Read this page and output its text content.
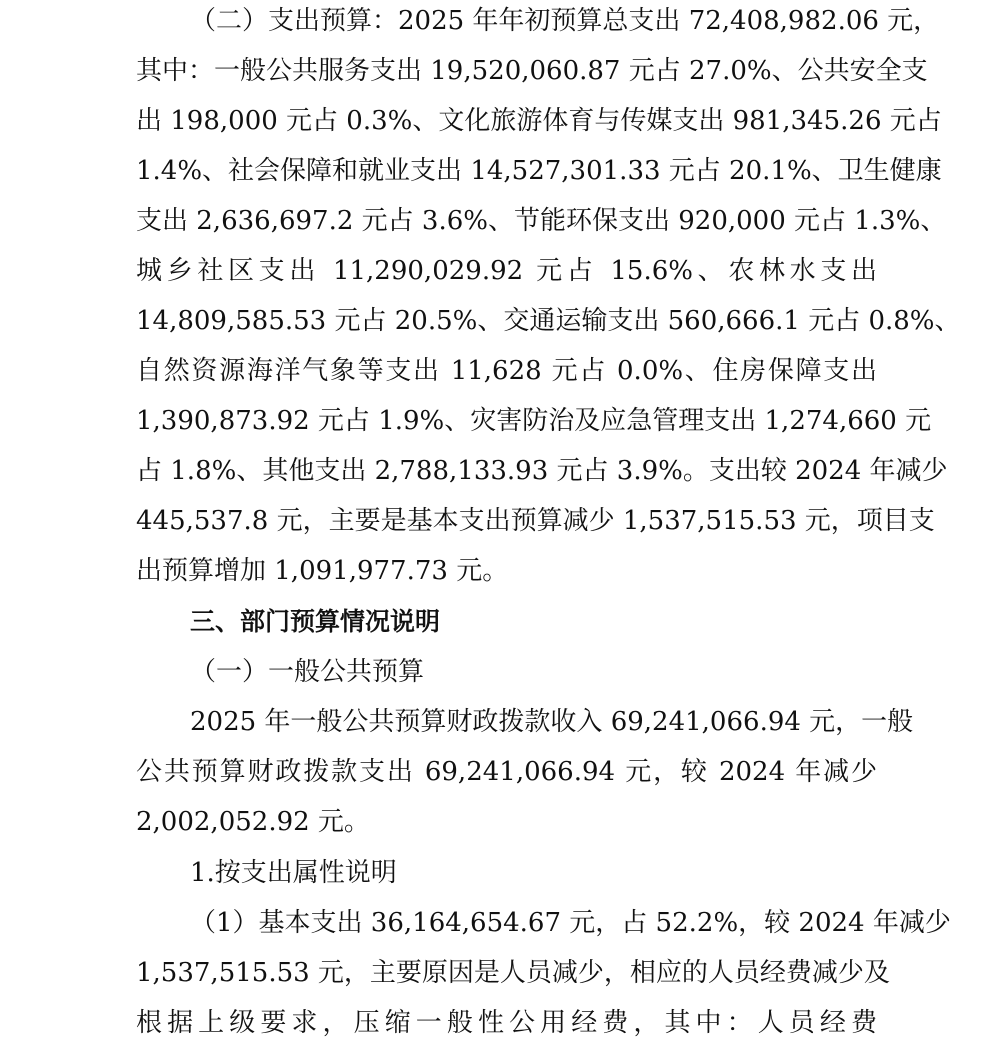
（二）支出预算：2025 年年初预算总支出 72,408,982.06 元，
其中：一般公共服务支出 19,520,060.87 元占 27.0%、公共安全支
出 198,000 元占 0.3%、文化旅游体育与传媒支出 981,345.26 元占
1.4%、社会保障和就业支出 14,527,301.33 元占 20.1%、卫生健康
支出 2,636,697.2 元占 3.6%、节能环保支出 920,000 元占 1.3%、
城乡社区支出 11,290,029.92 元占 15.6%、农林水支出
14,809,585.53 元占 20.5%、交通运输支出 560,666.1 元占 0.8%、
自然资源海洋气象等支出 11,628 元占 0.0%、住房保障支出
1,390,873.92 元占 1.9%、灾害防治及应急管理支出 1,274,660 元
占 1.8%、其他支出 2,788,133.93 元占 3.9%。支出较 2024 年减少
445,537.8 元，主要是基本支出预算减少 1,537,515.53 元，项目支
出预算增加 1,091,977.73 元。
三、部门预算情况说明
（一）一般公共预算
2025 年一般公共预算财政拨款收入 69,241,066.94 元，一般
公共预算财政拨款支出 69,241,066.94 元，较 2024 年减少
2,002,052.92 元。
1.按支出属性说明
（1）基本支出 36,164,654.67 元，占 52.2%，较 2024 年减少
1,537,515.53 元，主要原因是人员减少，相应的人员经费减少及
根据上级要求，压缩一般性公用经费，其中：人员经费
